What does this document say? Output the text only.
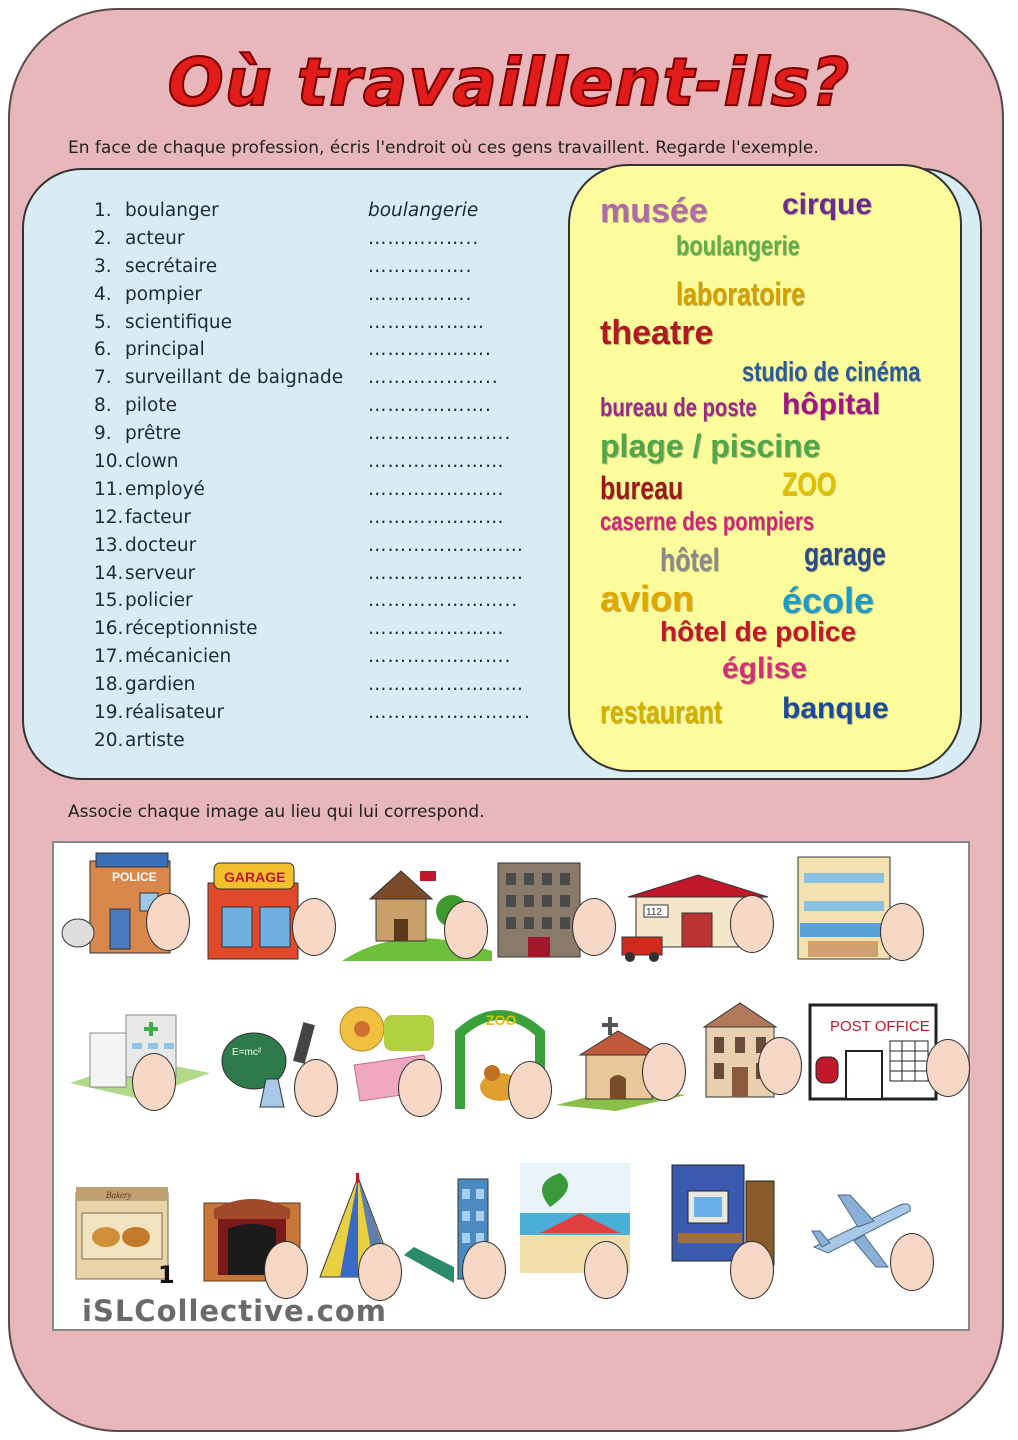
Où travaillent-ils?
En face de chaque profession, écris l'endroit où ces gens travaillent. Regarde l'exemple.
1. boulanger	boulangerie
2. acteur	……………..
3. secrétaire	…………….
4. pompier	…………….
5. scientifique	………………
6. principal	……………….
7. surveillant de baignade ………………..
8. pilote	……………….
9. prêtre	………………….
10. clown	…………………
11. employé	…………………
12. facteur	…………………
13. docteur	……………………
14. serveur	……………………
15. policier	…………………..
16. réceptionniste	…………………
17. mécanicien	………………….
18. gardien	……………………
19. réalisateur	…………………….
20. artiste
musée cirque
boulangerie
laboratoire
theatre
studio de cinéma
bureau de poste hôpital
plage / piscine
bureau	ZOO
caserne des pompiers
hôtel	garage
avion école
hôtel de police
église
restaurant banque
Associe chaque image au lieu qui lui correspond.
POLICE	GARAGE
112
E=mc²
ZOO	POST OFFICE
Bakery
1
iSLCollective.com
